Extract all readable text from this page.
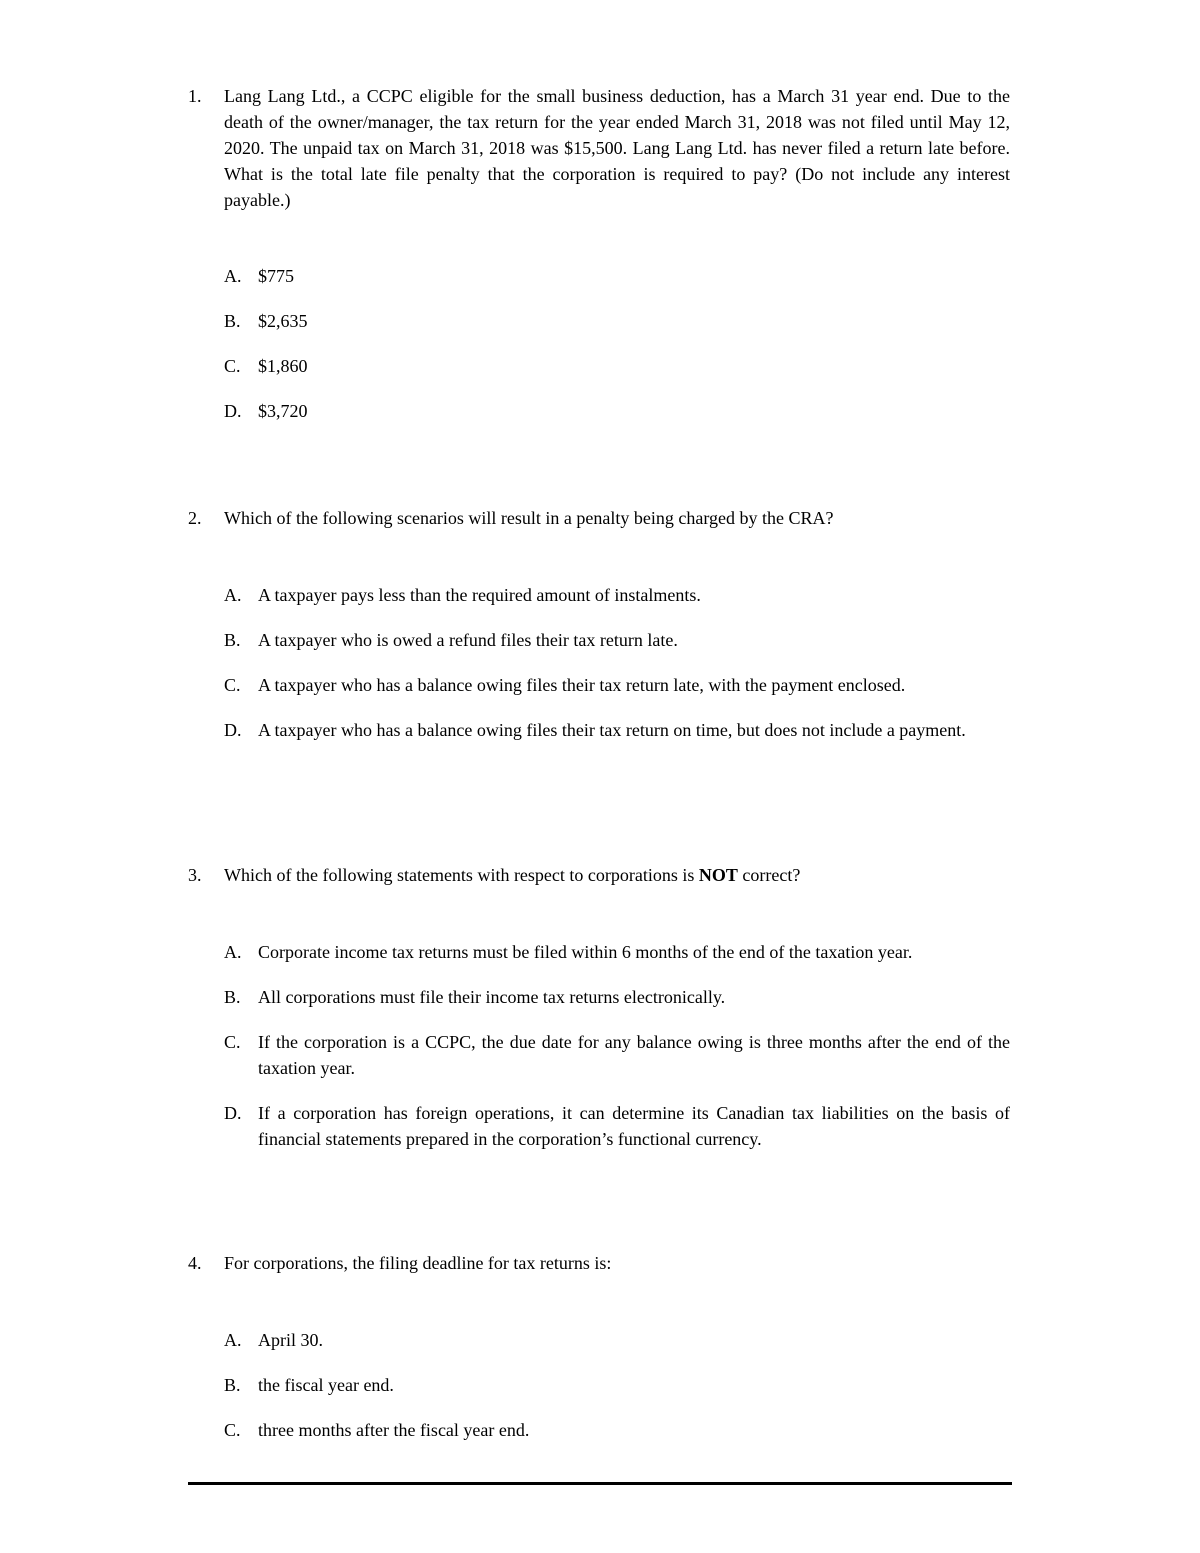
1.	Lang Lang Ltd., a CCPC eligible for the small business deduction, has a March 31 year end. Due to the death of the owner/manager, the tax return for the year ended March 31, 2018 was not filed until May 12, 2020. The unpaid tax on March 31, 2018 was $15,500. Lang Lang Ltd. has never filed a return late before. What is the total late file penalty that the corporation is required to pay? (Do not include any interest payable.)
A. $775
B. $2,635
C. $1,860
D. $3,720
2.	Which of the following scenarios will result in a penalty being charged by the CRA?
A. A taxpayer pays less than the required amount of instalments.
B. A taxpayer who is owed a refund files their tax return late.
C. A taxpayer who has a balance owing files their tax return late, with the payment enclosed.
D. A taxpayer who has a balance owing files their tax return on time, but does not include a payment.
3.	Which of the following statements with respect to corporations is NOT correct?
A. Corporate income tax returns must be filed within 6 months of the end of the taxation year.
B. All corporations must file their income tax returns electronically.
C. If the corporation is a CCPC, the due date for any balance owing is three months after the end of the taxation year.
D. If a corporation has foreign operations, it can determine its Canadian tax liabilities on the basis of financial statements prepared in the corporation’s functional currency.
4.	For corporations, the filing deadline for tax returns is:
A. April 30.
B. the fiscal year end.
C. three months after the fiscal year end.
